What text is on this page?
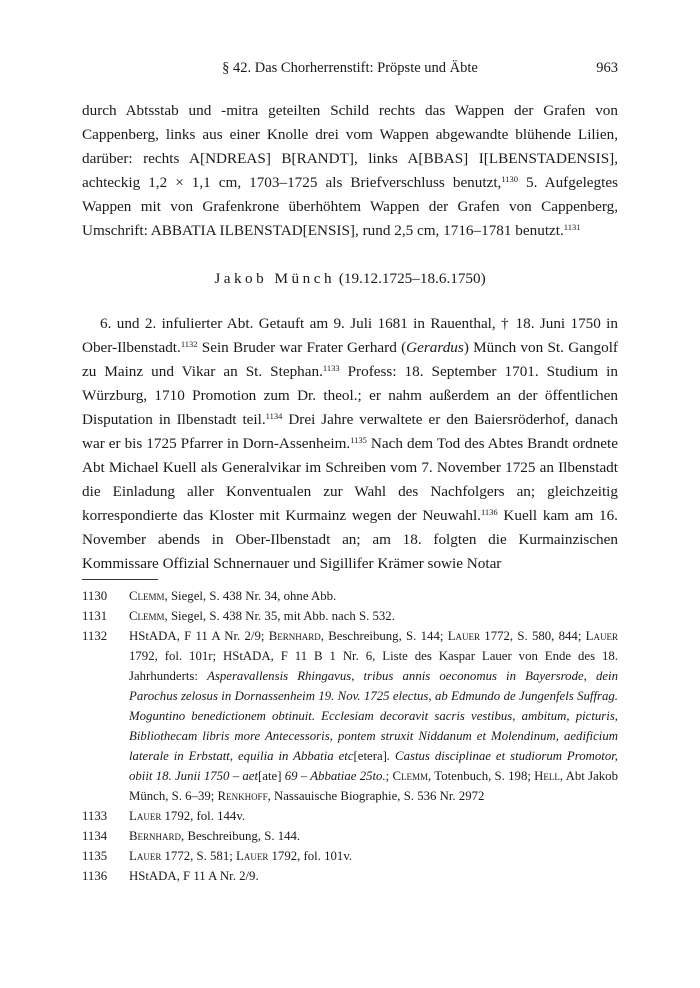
§ 42. Das Chorherrenstift: Pröpste und Äbte	963

durch Abtsstab und -mitra geteilten Schild rechts das Wappen der Grafen von Cappenberg, links aus einer Knolle drei vom Wappen abgewandte blühende Lilien, darüber: rechts A[NDREAS] B[RANDT], links A[BBAS] I[LBENSTADENSIS], achteckig 1,2 × 1,1 cm, 1703–1725 als Briefverschluss benutzt,$^{1130}$ 5. Aufgelegtes Wappen mit von Grafenkrone überhöhtem Wappen der Grafen von Cappenberg, Umschrift: ABBATIA ILBENSTAD[ENSIS], rund 2,5 cm, 1716–1781 benutzt.$^{1131}$

Jakob Münch (19.12.1725–18.6.1750)

6. und 2. infulierter Abt. Getauft am 9. Juli 1681 in Rauenthal, † 18. Juni 1750 in Ober-Ilbenstadt.$^{1132}$ Sein Bruder war Frater Gerhard (Gerardus) Münch von St. Gangolf zu Mainz und Vikar an St. Stephan.$^{1133}$ Profess: 18. September 1701. Studium in Würzburg, 1710 Promotion zum Dr. theol.; er nahm außerdem an der öffentlichen Disputation in Ilbenstadt teil.$^{1134}$ Drei Jahre verwaltete er den Baiersröderhof, danach war er bis 1725 Pfarrer in Dorn-Assenheim.$^{1135}$ Nach dem Tod des Abtes Brandt ordnete Abt Michael Kuell als Generalvikar im Schreiben vom 7. November 1725 an Ilbenstadt die Einladung aller Konventualen zur Wahl des Nachfolgers an; gleichzeitig korrespondierte das Kloster mit Kurmainz wegen der Neuwahl.$^{1136}$ Kuell kam am 16. November abends in Ober-Ilbenstadt an; am 18. folgten die Kurmainzischen Kommissare Offizial Schnernauer und Sigillifer Krämer sowie Notar

1130 Clemm, Siegel, S. 438 Nr. 34, ohne Abb.
1131 Clemm, Siegel, S. 438 Nr. 35, mit Abb. nach S. 532.
1132 HStADA, F 11 A Nr. 2/9; Bernhard, Beschreibung, S. 144; Lauer 1772, S. 580, 844; Lauer 1792, fol. 101r; HStADA, F 11 B 1 Nr. 6, Liste des Kaspar Lauer von Ende des 18. Jahrhunderts: Asperavallensis Rhingavus, tribus annis oeconomus in Bayersrode, dein Parochus zelosus in Dornassenheim 19. Nov. 1725 electus, ab Edmundo de Jungenfels Suffrag. Moguntino benedictionem obtinuit. Ecclesiam decoravit sacris vestibus, ambitum, picturis, Bibliothecam libris more Antecessoris, pontem struxit Niddanum et Molendinum, aedificium laterale in Erbstatt, equilia in Abbatia etc[etera]. Castus disciplinae et studiorum Promotor, obiit 18. Junii 1750 – aet[ate] 69 – Abbatiae 25to.; Clemm, Totenbuch, S. 198; Hell, Abt Jakob Münch, S. 6–39; Renkhoff, Nassauische Biographie, S. 536 Nr. 2972
1133 Lauer 1792, fol. 144v.
1134 Bernhard, Beschreibung, S. 144.
1135 Lauer 1772, S. 581; Lauer 1792, fol. 101v.
1136 HStADA, F 11 A Nr. 2/9.
